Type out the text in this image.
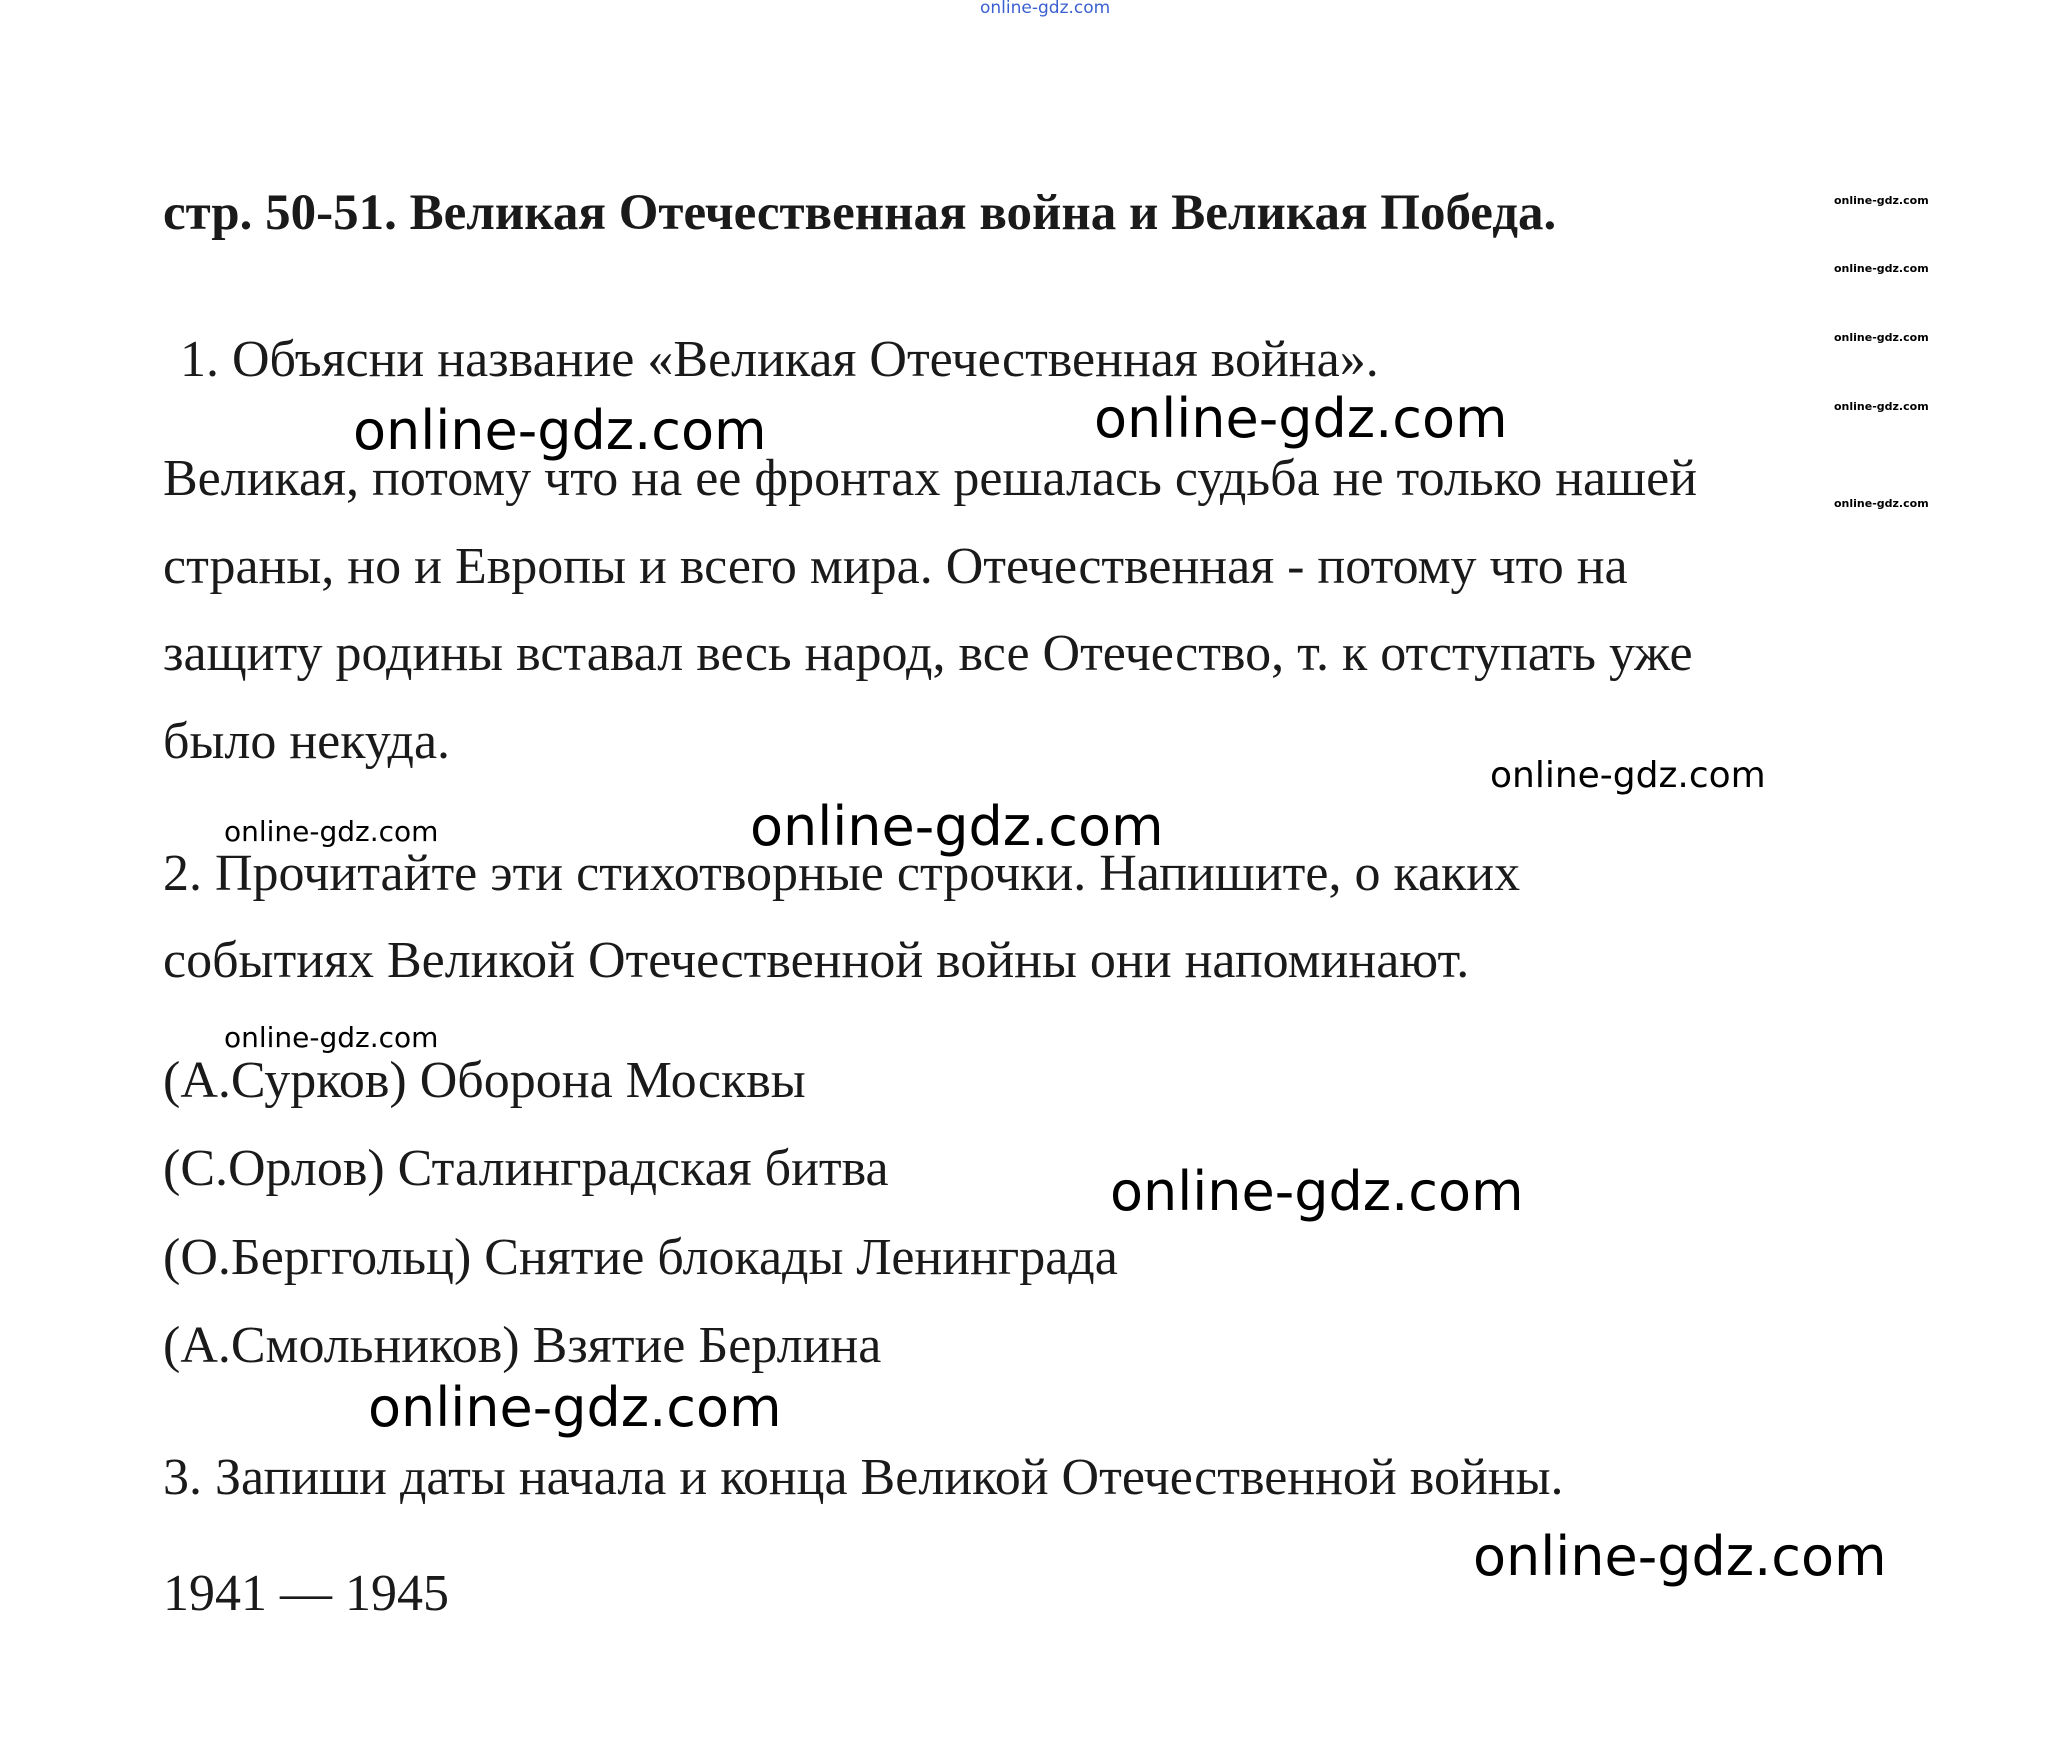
online-gdz.com
стр. 50-51. Великая Отечественная война и Великая Победа.	online-gdz.com
online-gdz.com
online-gdz.com
online-gdz.com
online-gdz.com
1. Объясни название «Великая Отечественная война».
online-gdz.com	online-gdz.com
Великая, потому что на ее фронтах решалась судьба не только нашей
страны, но и Европы и всего мира. Отечественная - потому что на
защиту родины вставал весь народ, все Отечество, т. к отступать уже
было некуда.
online-gdz.com
online-gdz.com	online-gdz.com
2. Прочитайте эти стихотворные строчки. Напишите, о каких
событиях Великой Отечественной войны они напоминают.
online-gdz.com
(А.Сурков) Оборона Москвы
(С.Орлов) Сталинградская битва	online-gdz.com
(О.Берггольц) Снятие блокады Ленинграда
(А.Смольников) Взятие Берлина
online-gdz.com
3. Запиши даты начала и конца Великой Отечественной войны.
online-gdz.com
1941 — 1945
